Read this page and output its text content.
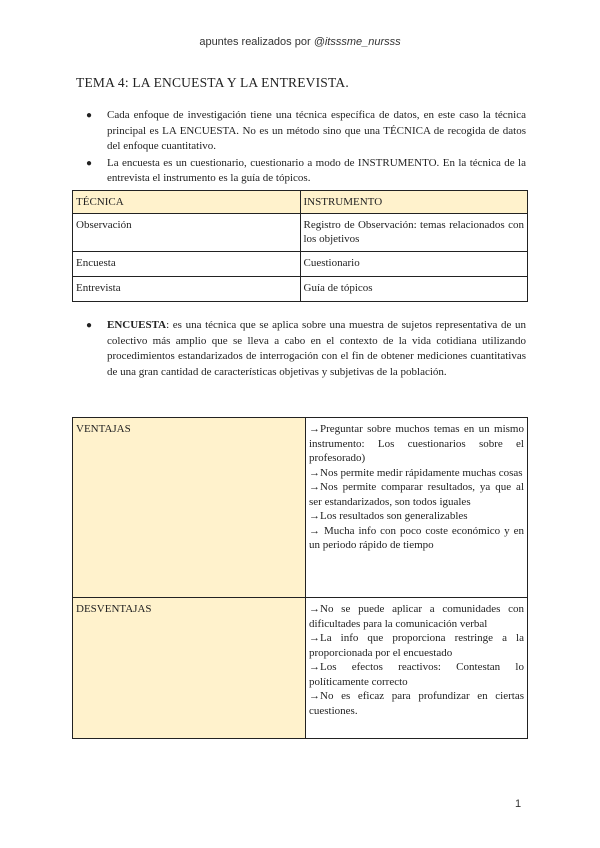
apuntes realizados por @itsssme_nursss
TEMA 4: LA ENCUESTA Y LA ENTREVISTA.
● Cada enfoque de investigación tiene una técnica específica de datos, en este caso la técnica principal es LA ENCUESTA. No es un método sino que una TÉCNICA de recogida de datos del enfoque cuantitativo.
● La encuesta es un cuestionario, cuestionario a modo de INSTRUMENTO. En la técnica de la entrevista el instrumento es la guía de tópicos.
TÉCNICA	INSTRUMENTO
Observación	Registro de Observación: temas relacionados con los objetivos
Encuesta	Cuestionario
Entrevista	Guía de tópicos
● ENCUESTA: es una técnica que se aplica sobre una muestra de sujetos representativa de un colectivo más amplio que se lleva a cabo en el contexto de la vida cotidiana utilizando procedimientos estandarizados de interrogación con el fin de obtener mediciones cuantitativas de una gran cantidad de características objetivas y subjetivas de la población.
VENTAJAS	→Preguntar sobre muchos temas en un mismo instrumento: Los cuestionarios sobre el profesorado)
→Nos permite medir rápidamente muchas cosas
→Nos permite comparar resultados, ya que al ser estandarizados, son todos iguales
→Los resultados son generalizables
→ Mucha info con poco coste económico y en un periodo rápido de tiempo

DESVENTAJAS	→No se puede aplicar a comunidades con dificultades para la comunicación verbal
→La info que proporciona restringe a la proporcionada por el encuestado
→Los efectos reactivos: Contestan lo políticamente correcto
→No es eficaz para profundizar en ciertas cuestiones.
1
